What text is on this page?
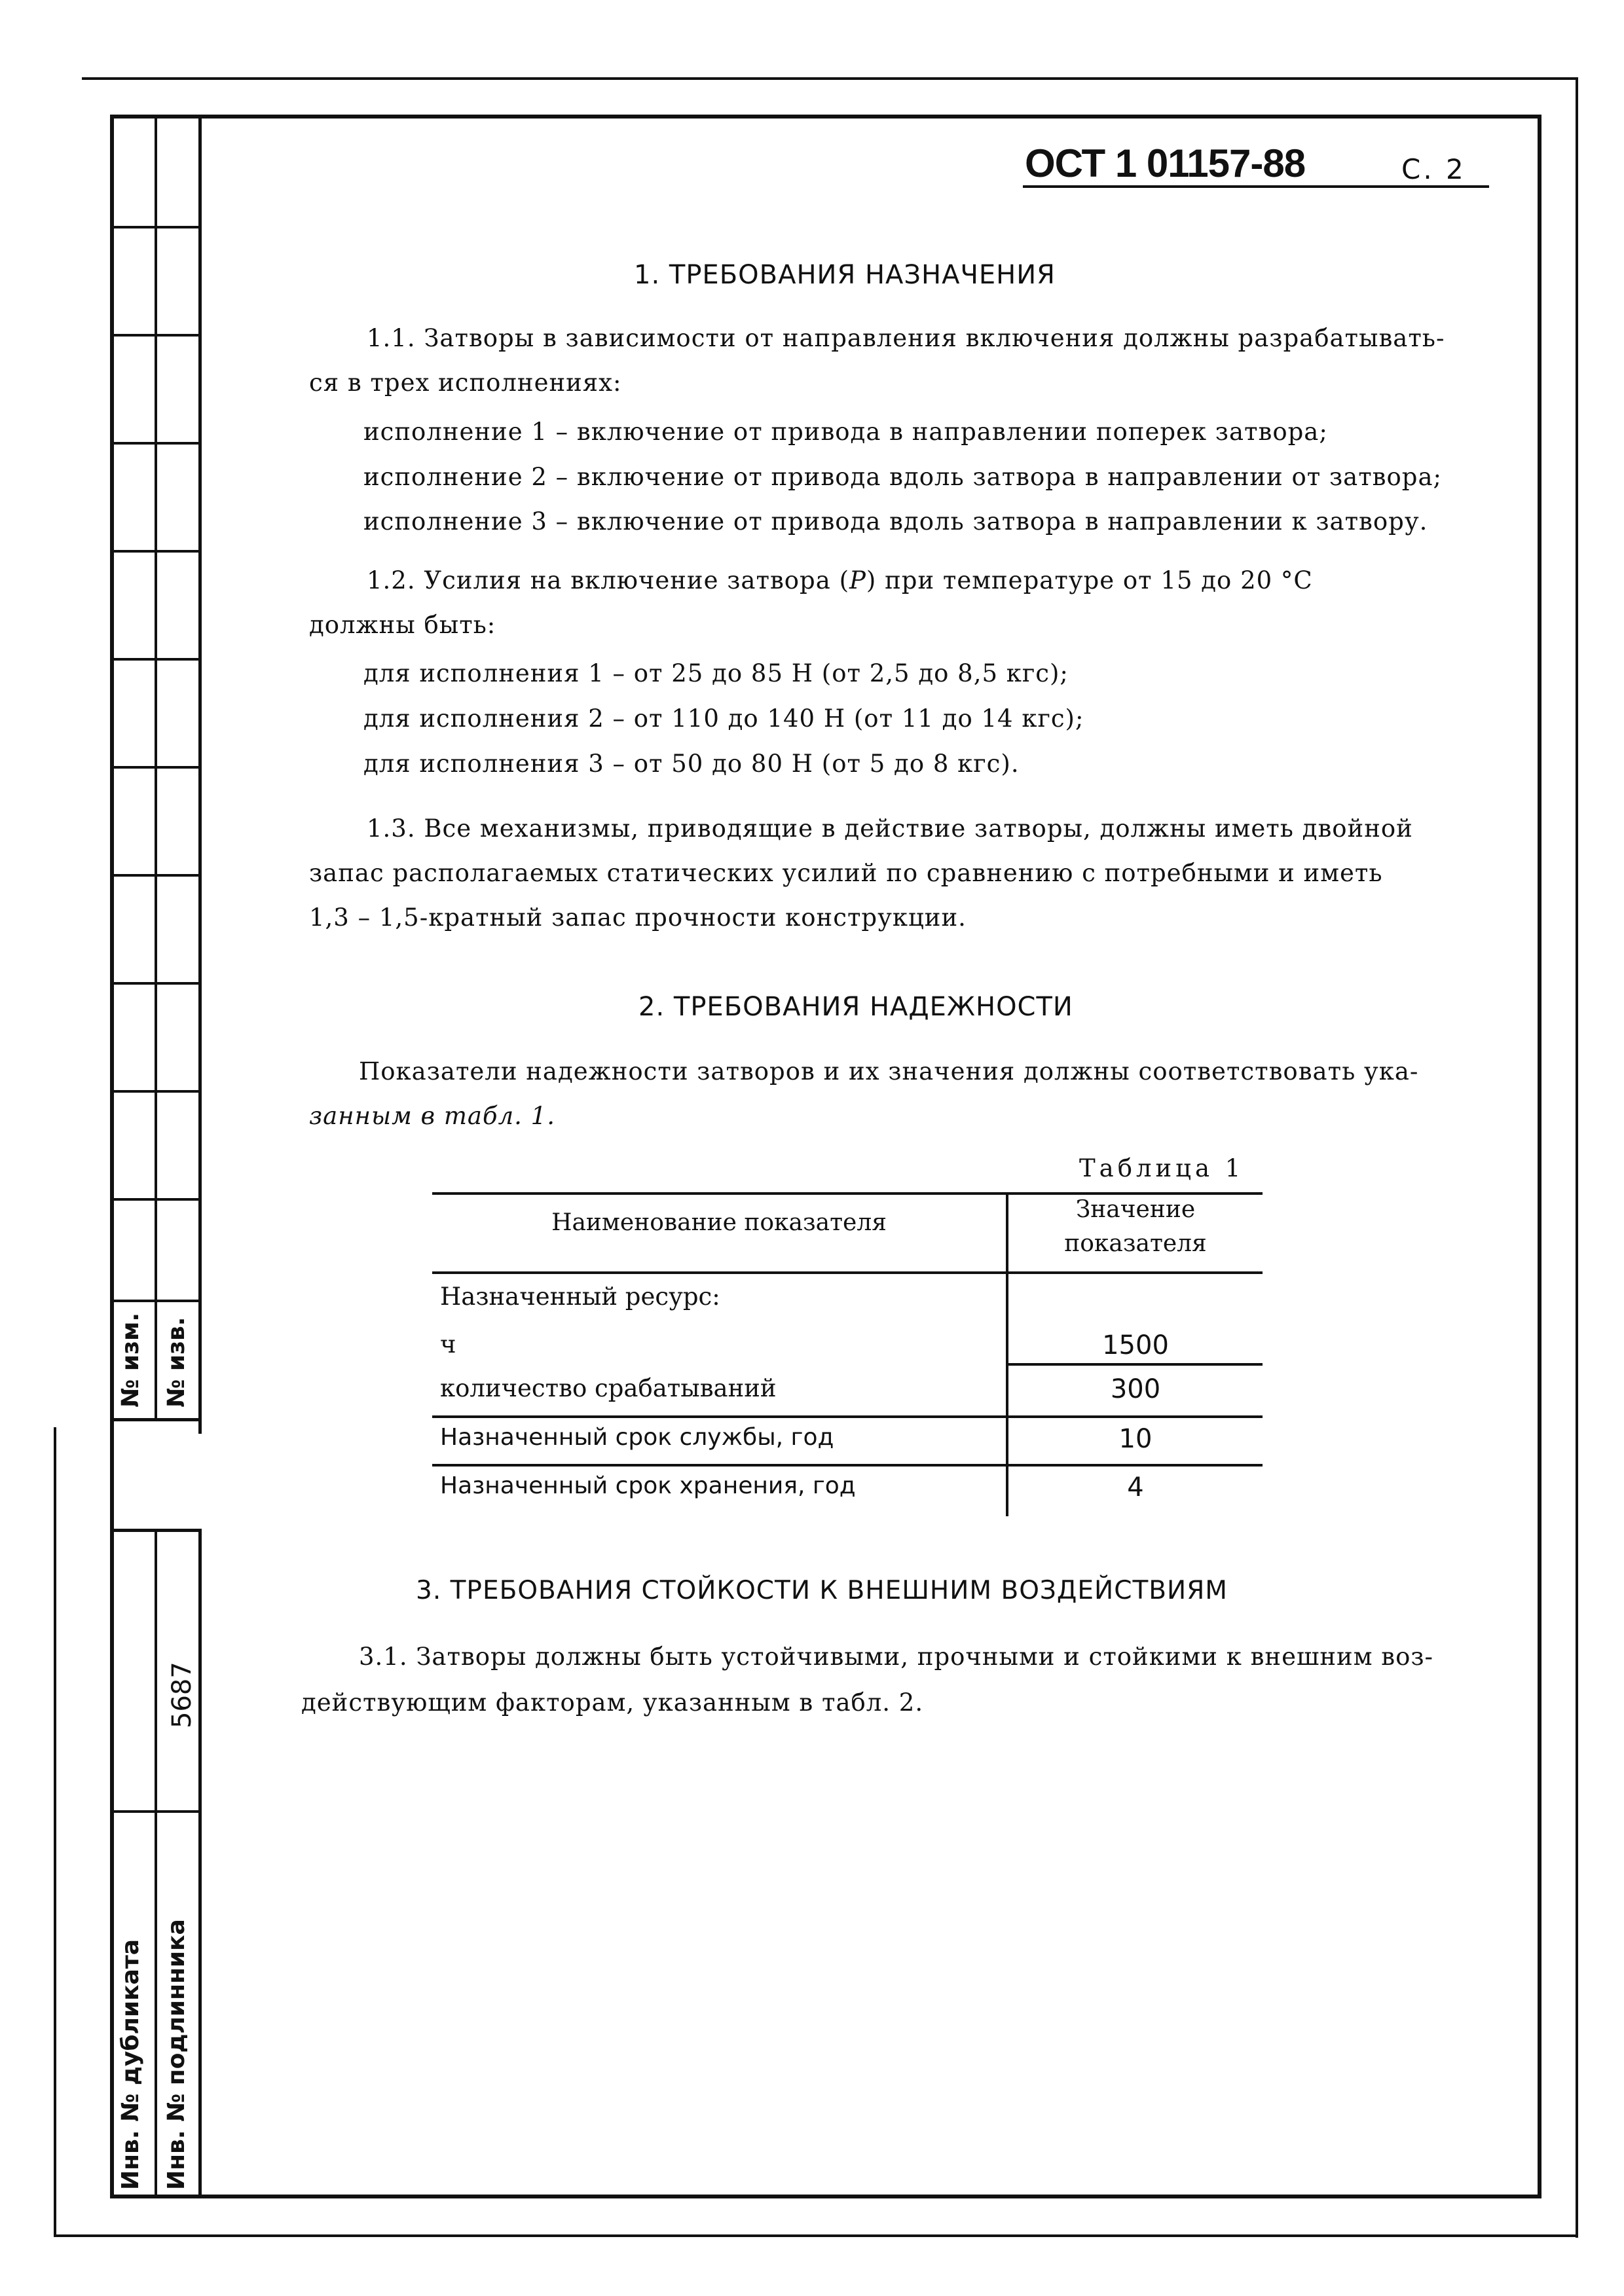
№ изм. № изв.
5687
Инв. № дубликата Инв. № подлинника
ОСТ 1 01157-88	С. 2
1. ТРЕБОВАНИЯ НАЗНАЧЕНИЯ
1.1. Затворы в зависимости от направления включения должны разрабатывать-
ся в трех исполнениях:
исполнение 1 – включение от привода в направлении поперек затвора;
исполнение 2 – включение от привода вдоль затвора в направлении от затвора;
исполнение 3 – включение от привода вдоль затвора в направлении к затвору.
1.2. Усилия на включение затвора (P) при температуре от 15 до 20 °С
должны быть:
для исполнения 1 – от 25 до 85 Н (от 2,5 до 8,5 кгс);
для исполнения 2 – от 110 до 140 Н (от 11 до 14 кгс);
для исполнения 3 – от 50 до 80 Н (от 5 до 8 кгс).
1.3. Все механизмы, приводящие в действие затворы, должны иметь двойной
запас располагаемых статических усилий по сравнению с потребными и иметь
1,3 – 1,5-кратный запас прочности конструкции.
2. ТРЕБОВАНИЯ НАДЕЖНОСТИ
Показатели надежности затворов и их значения должны соответствовать ука-
занным в табл. 1.
Таблица 1
Наименование показателя	Значение
показателя
Назначенный ресурс:
ч	1500
количество срабатываний	300
Назначенный срок службы, год	10
Назначенный срок хранения, год	4
3. ТРЕБОВАНИЯ СТОЙКОСТИ К ВНЕШНИМ ВОЗДЕЙСТВИЯМ
3.1. Затворы должны быть устойчивыми, прочными и стойкими к внешним воз-
действующим факторам, указанным в табл. 2.
